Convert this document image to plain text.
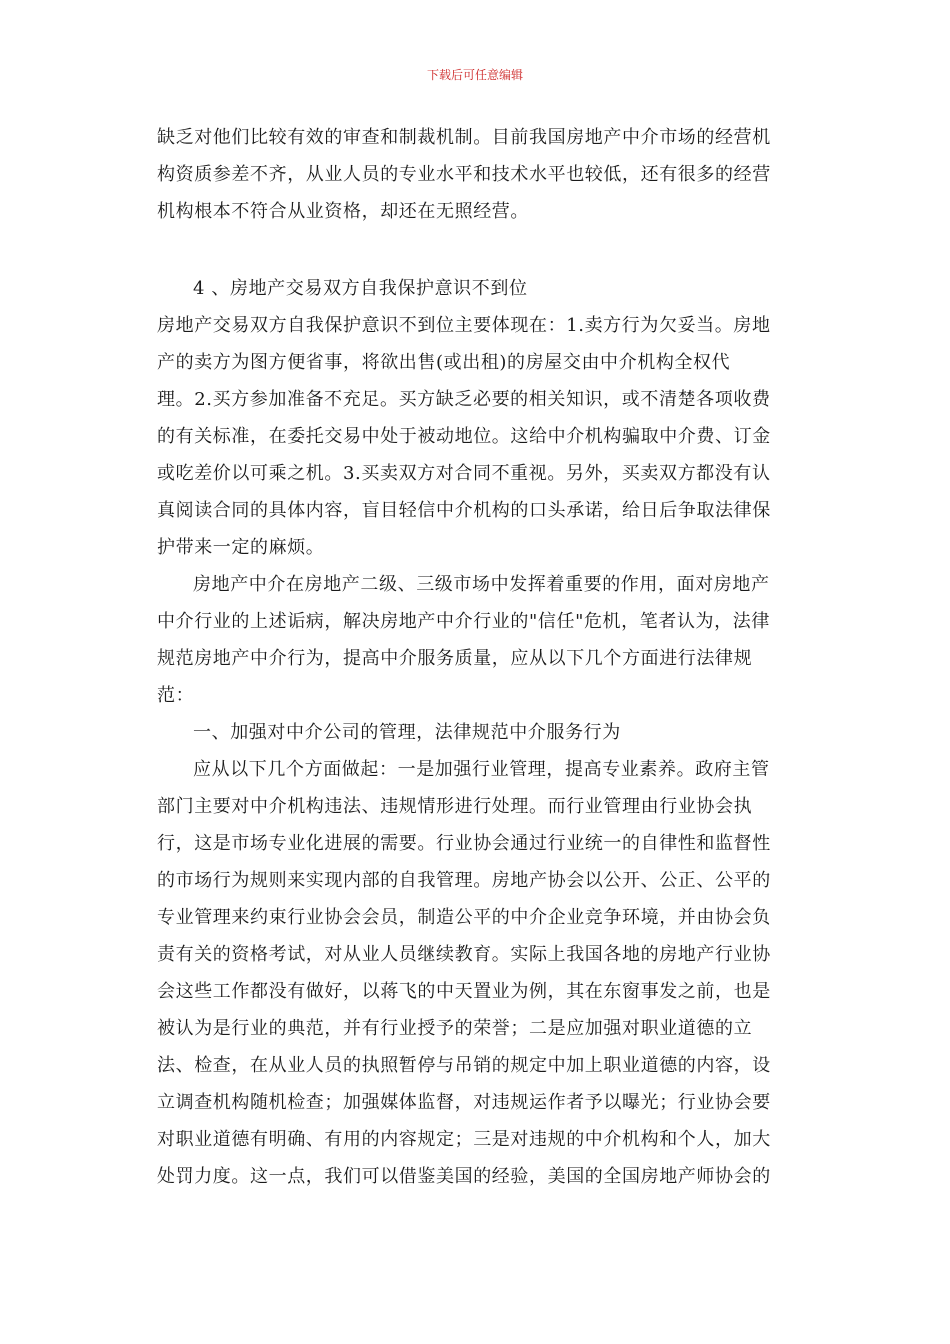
下载后可任意编辑
缺乏对他们比较有效的审查和制裁机制。目前我国房地产中介市场的经营机
构资质参差不齐，从业人员的专业水平和技术水平也较低，还有很多的经营
机构根本不符合从业资格，却还在无照经营。
4 、房地产交易双方自我保护意识不到位
房地产交易双方自我保护意识不到位主要体现在：1.卖方行为欠妥当。房地
产的卖方为图方便省事，将欲出售(或出租)的房屋交由中介机构全权代
理。2.买方参加准备不充足。买方缺乏必要的相关知识，或不清楚各项收费
的有关标准，在委托交易中处于被动地位。这给中介机构骗取中介费、订金
或吃差价以可乘之机。3.买卖双方对合同不重视。另外，买卖双方都没有认
真阅读合同的具体内容，盲目轻信中介机构的口头承诺，给日后争取法律保
护带来一定的麻烦。
房地产中介在房地产二级、三级市场中发挥着重要的作用，面对房地产
中介行业的上述诟病，解决房地产中介行业的"信任"危机，笔者认为，法律
规范房地产中介行为，提高中介服务质量，应从以下几个方面进行法律规
范：
一、加强对中介公司的管理，法律规范中介服务行为
应从以下几个方面做起：一是加强行业管理，提高专业素养。政府主管
部门主要对中介机构违法、违规情形进行处理。而行业管理由行业协会执
行，这是市场专业化进展的需要。行业协会通过行业统一的自律性和监督性
的市场行为规则来实现内部的自我管理。房地产协会以公开、公正、公平的
专业管理来约束行业协会会员，制造公平的中介企业竞争环境，并由协会负
责有关的资格考试，对从业人员继续教育。实际上我国各地的房地产行业协
会这些工作都没有做好，以蒋飞的中天置业为例，其在东窗事发之前，也是
被认为是行业的典范，并有行业授予的荣誉；二是应加强对职业道德的立
法、检查，在从业人员的执照暂停与吊销的规定中加上职业道德的内容，设
立调查机构随机检查；加强媒体监督，对违规运作者予以曝光；行业协会要
对职业道德有明确、有用的内容规定；三是对违规的中介机构和个人，加大
处罚力度。这一点，我们可以借鉴美国的经验，美国的全国房地产师协会的
